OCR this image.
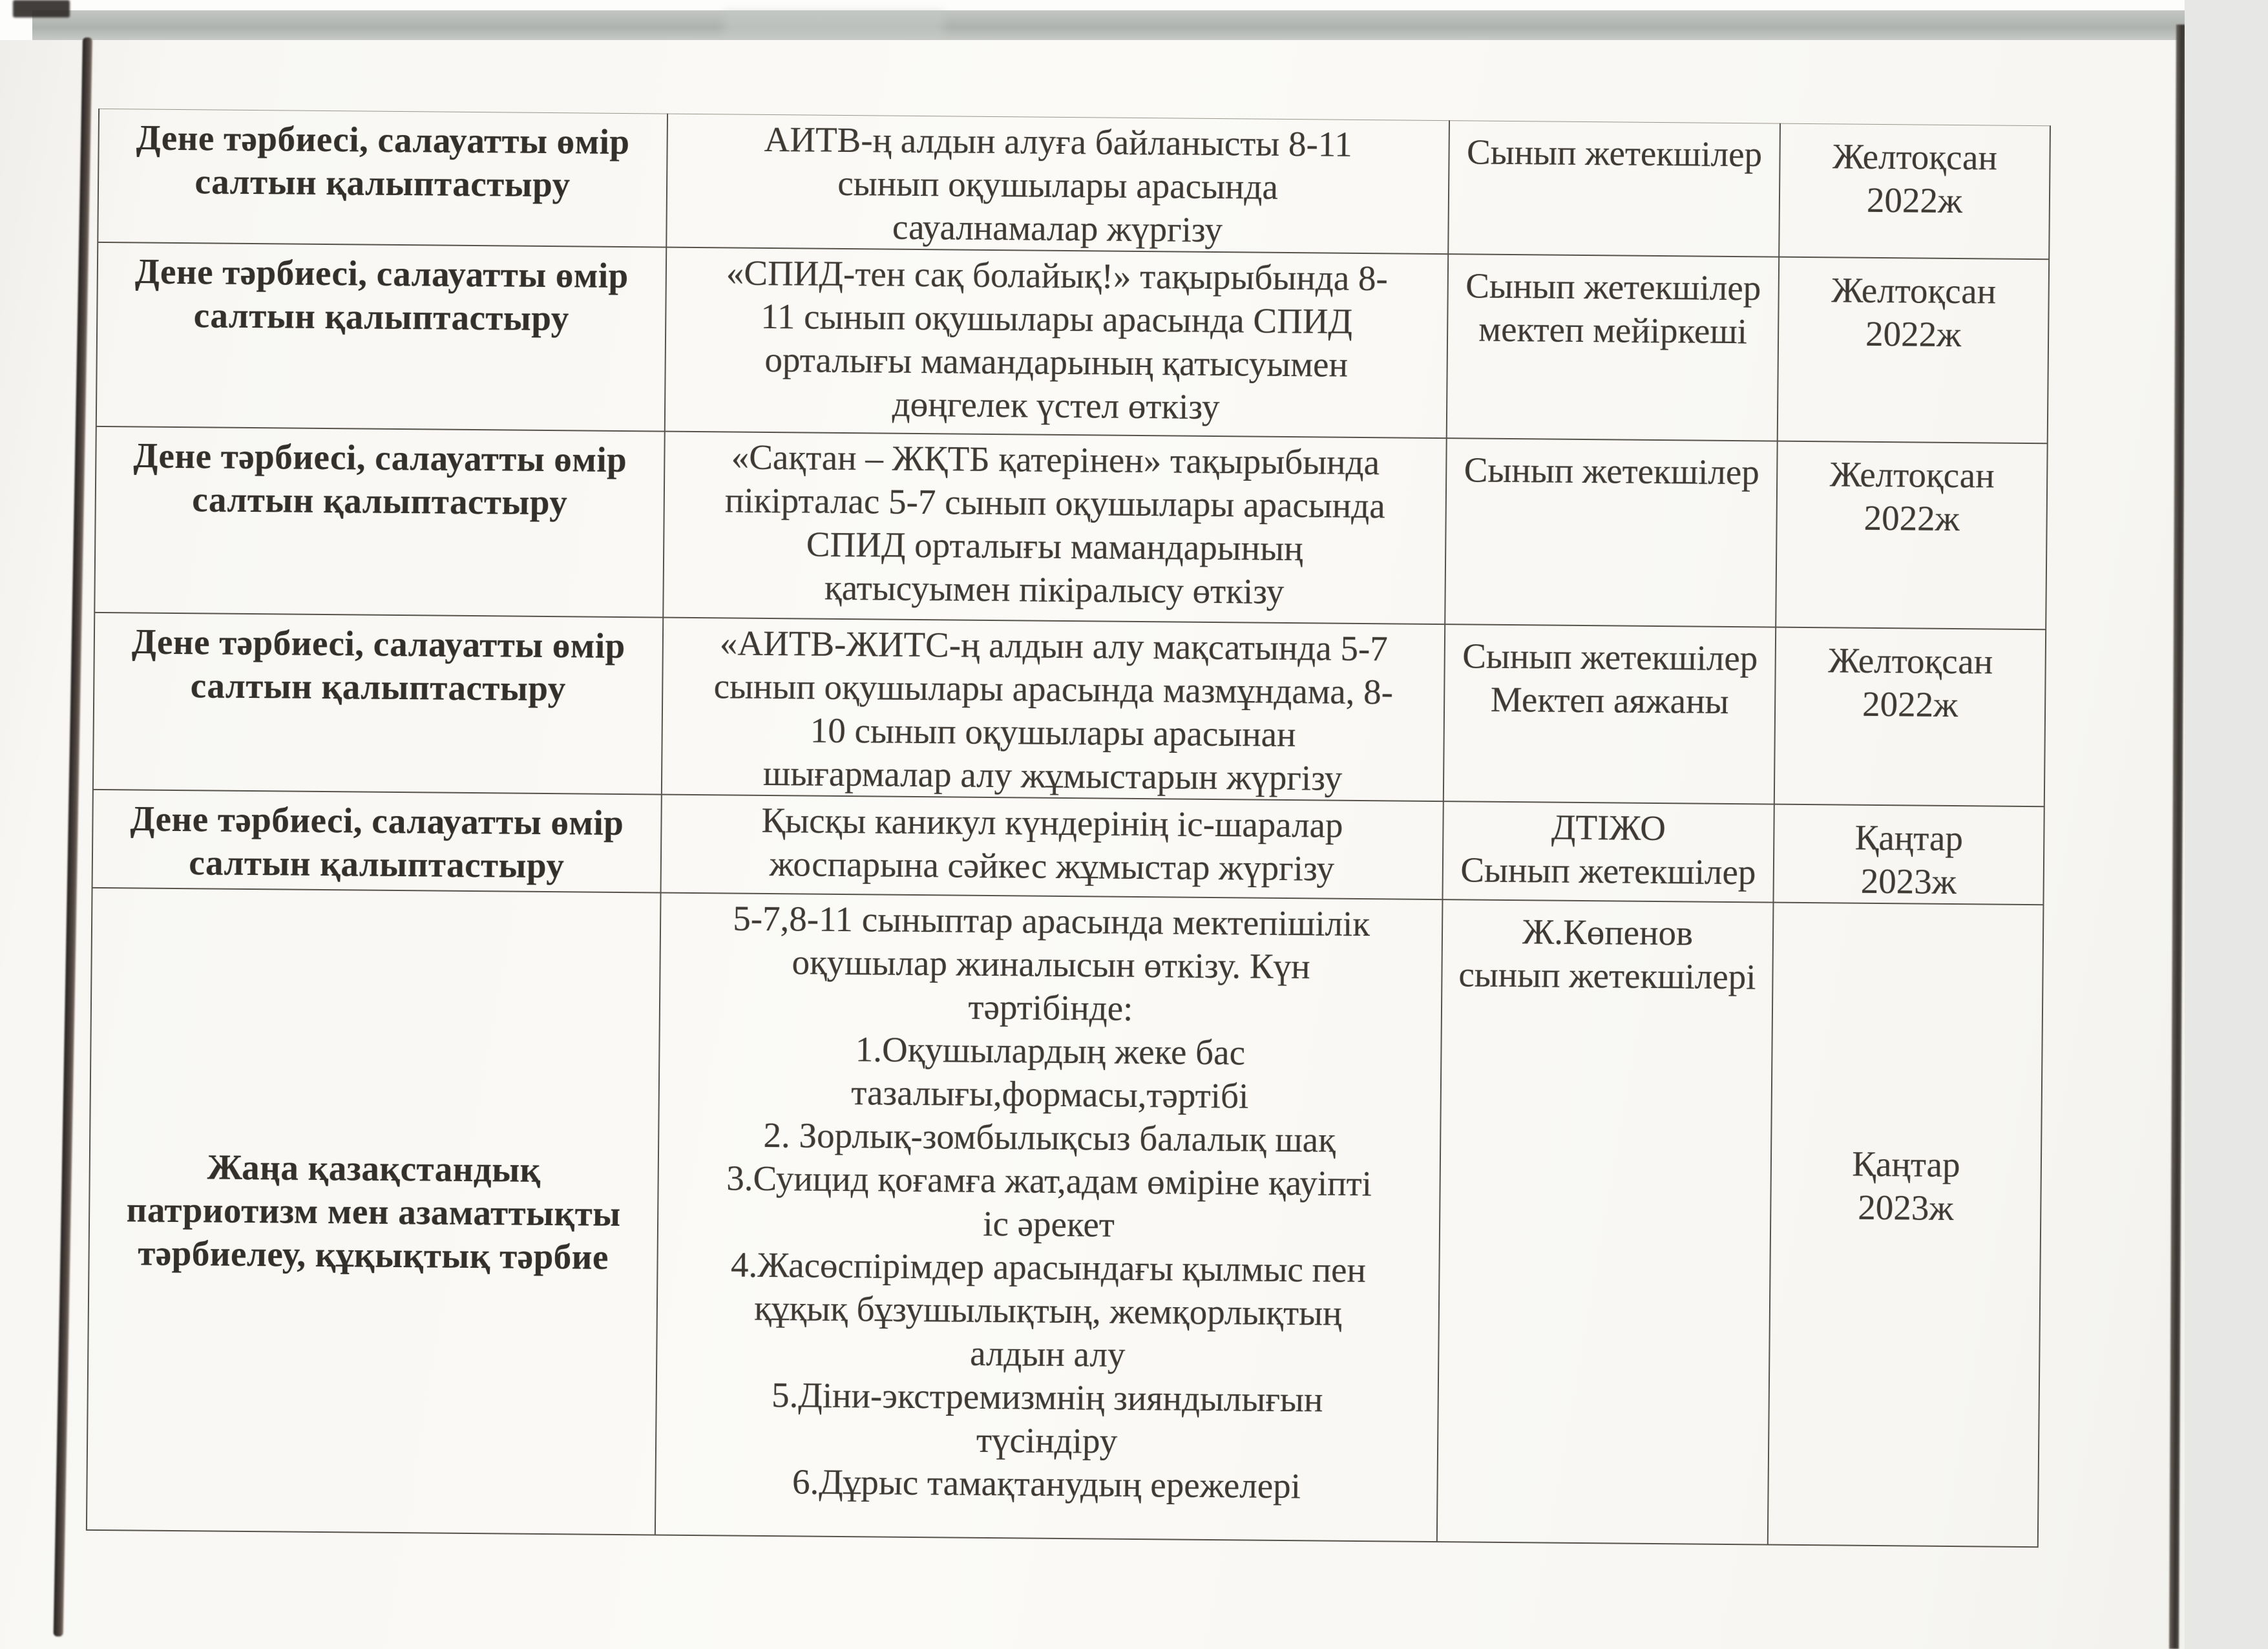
Дене тәрбиесі, салауатты өмір
салтын қалыптастыру	АИТВ-ң алдын алуға байланысты 8-11
сынып оқушылары арасында
сауалнамалар жүргізу	Сынып жетекшілер	Желтоқсан
2022ж
Дене тәрбиесі, салауатты өмір
салтын қалыптастыру	«СПИД-тен сақ болайық!» тақырыбында 8-
11 сынып оқушылары арасында СПИД
орталығы мамандарының қатысуымен
дөңгелек үстел өткізу	Сынып жетекшілер
мектеп мейіркеші	Желтоқсан
2022ж
Дене тәрбиесі, салауатты өмір
салтын қалыптастыру	«Сақтан – ЖҚТБ қатерінен» тақырыбында
пікірталас 5-7 сынып оқушылары арасында
СПИД орталығы мамандарының
қатысуымен пікіралысу өткізу	Сынып жетекшілер	Желтоқсан
2022ж
Дене тәрбиесі, салауатты өмір
салтын қалыптастыру	«АИТВ-ЖИТС-ң алдын алу мақсатында 5-7
сынып оқушылары арасында мазмұндама, 8-
10 сынып оқушылары арасынан
шығармалар алу жұмыстарын жүргізу	Сынып жетекшілер
Мектеп аяжаны	Желтоқсан
2022ж
Дене тәрбиесі, салауатты өмір
салтын қалыптастыру	Қысқы каникул күндерінің іс-шаралар
жоспарына сәйкес жұмыстар жүргізу	ДТІЖО
Сынып жетекшілер	Қаңтар
2023ж
Жаңа қазақстандық
патриотизм мен азаматтықты
тәрбиелеу, құқықтық тәрбие	5-7,8-11 сыныптар арасында мектепішілік
оқушылар жиналысын өткізу. Күн
тәртібінде:
1.Оқушылардың жеке бас
тазалығы,формасы,тәртібі
2. Зорлық-зомбылықсыз балалық шақ
3.Суицид қоғамға жат,адам өміріне қауіпті
іс әрекет
4.Жасөспірімдер арасындағы қылмыс пен
құқық бұзушылықтың, жемқорлықтың
алдын алу
5.Діни-экстремизмнің зияндылығын
түсіндіру
6.Дұрыс тамақтанудың ережелері	Ж.Көпенов
сынып жетекшілері	Қаңтар
2023ж
